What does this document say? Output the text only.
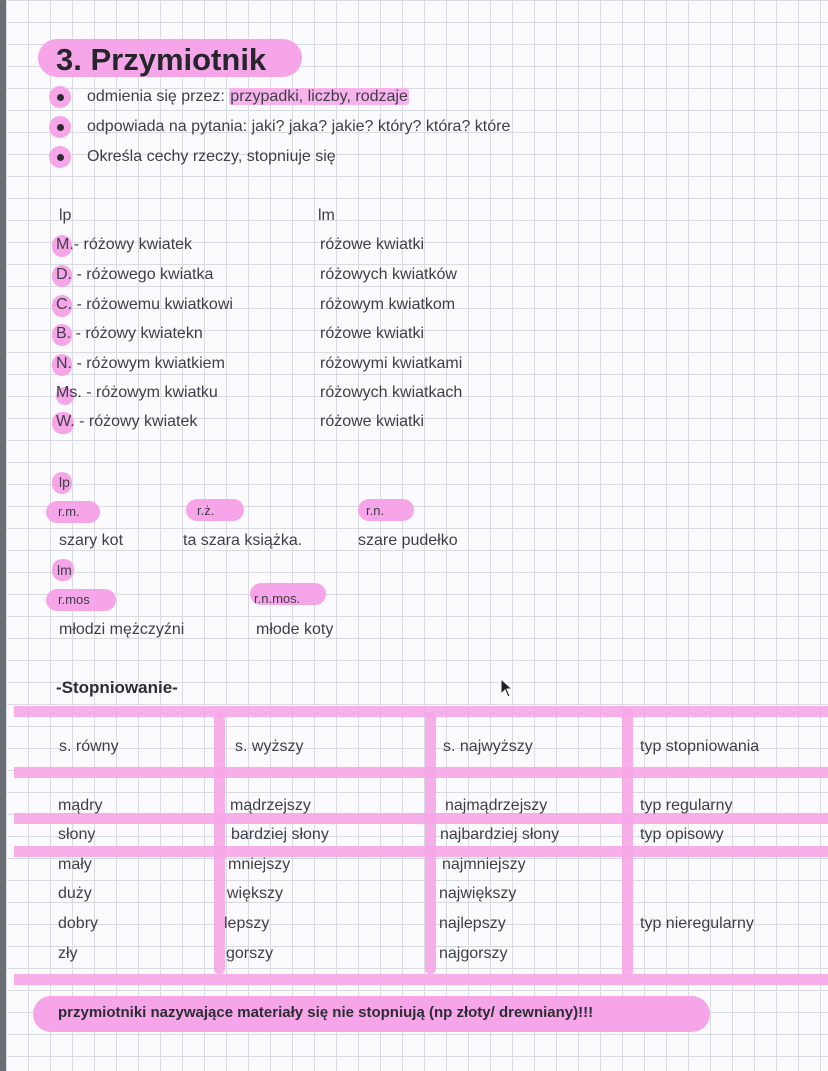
3. Przymiotnik
odmienia się przez: przypadki, liczby, rodzaje
odpowiada na pytania: jaki? jaka? jakie? który? która? które
Określa cechy rzeczy, stopniuje się
lp	lm
M.- różowy kwiatek	różowe kwiatki
D. - różowego kwiatka	różowych kwiatków
C. - różowemu kwiatkowi	różowym kwiatkom
B. - różowy kwiatekn	różowe kwiatki
N. - różowym kwiatkiem	różowymi kwiatkami
Ms. - różowym kwiatku	różowych kwiatkach
W. - różowy kwiatek	różowe kwiatki
lp
r.m.	r.ż.	r.n.
szary kot	ta szara książka.	szare pudełko
lm
r.mos	r.n.mos.
młodzi mężczyźni	młode koty
-Stopniowanie-
s. równy	s. wyższy	s. najwyższy	typ stopniowania
mądry	mądrzejszy	najmądrzejszy	typ regularny
słony	bardziej słony	najbardziej słony	typ opisowy
mały	mniejszy	najmniejszy
duży	większy	największy
dobry	lepszy	najlepszy	typ nieregularny
zły	gorszy	najgorszy
przymiotniki nazywające materiały się nie stopniują (np złoty/ drewniany)!!!
